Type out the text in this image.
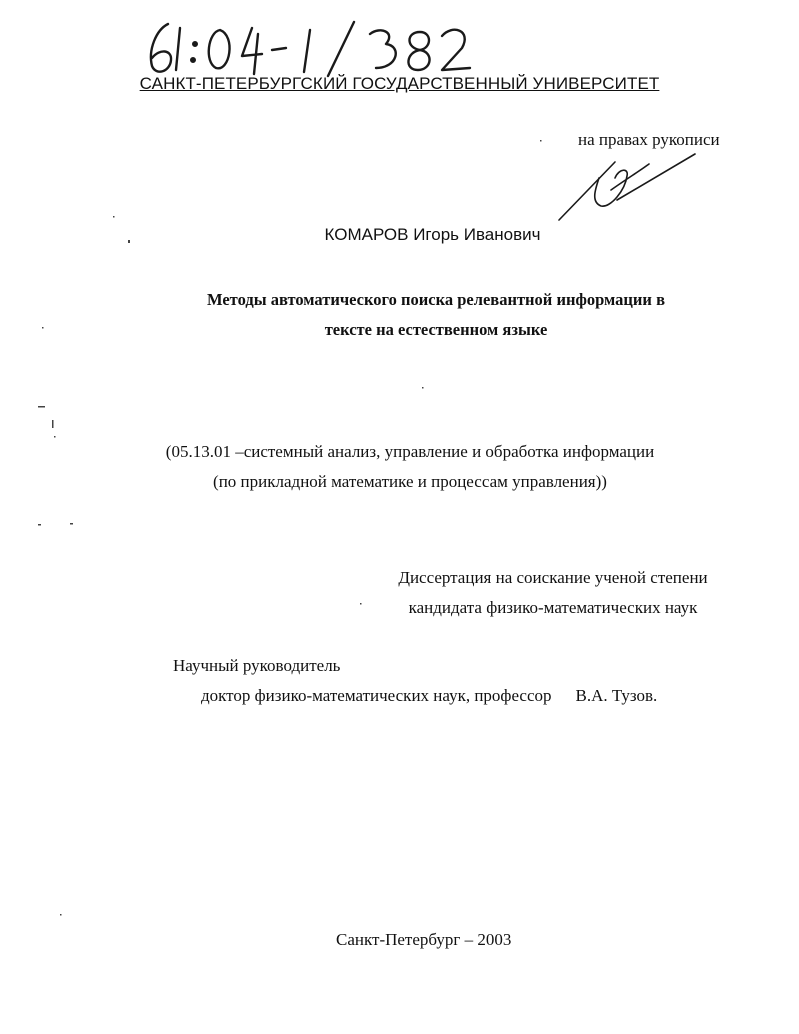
САНКТ-ПЕТЕРБУРГСКИЙ ГОСУДАРСТВЕННЫЙ УНИВЕРСИТЕТ
на правах рукописи
КОМАРОВ Игорь Иванович
Методы автоматического поиска релевантной информации в
тексте на естественном языке
(05.13.01 –системный анализ, управление и обработка информации
(по прикладной математике и процессам управления))
Диссертация на соискание ученой степени
кандидата физико-математических наук
Научный руководитель
доктор физико-математических наук, профессор В.А. Тузов.
Санкт-Петербург – 2003
